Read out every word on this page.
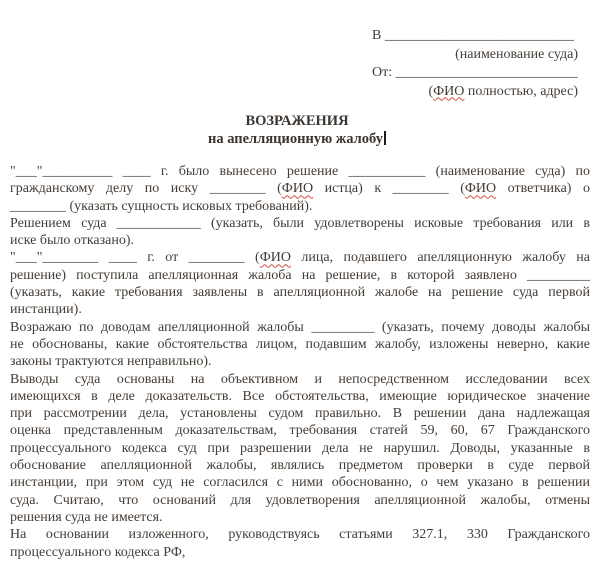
В ___________________________
(наименование суда)
От: __________________________
(ФИО полностью, адрес)
ВОЗРАЖЕНИЯ
на апелляционную жалобу
"___"__________ ____ г. было вынесено решение ___________ (наименование суда) по
гражданскому делу по иску ________ (ФИО истца) к ________ (ФИО ответчика) о
________ (указать сущность исковых требований).
Решением суда ____________ (указать, были удовлетворены исковые требования или в
иске было отказано).
"___"________ ____ г. от ________ (ФИО лица, подавшего апелляционную жалобу на
решение) поступила апелляционная жалоба на решение, в которой заявлено _________
(указать, какие требования заявлены в апелляционной жалобе на решение суда первой
инстанции).
Возражаю по доводам апелляционной жалобы _________ (указать, почему доводы жалобы
не обоснованы, какие обстоятельства лицом, подавшим жалобу, изложены неверно, какие
законы трактуются неправильно).
Выводы суда основаны на объективном и непосредственном исследовании всех
имеющихся в деле доказательств. Все обстоятельства, имеющие юридическое значение
при рассмотрении дела, установлены судом правильно. В решении дана надлежащая
оценка представленным доказательствам, требования статей 59, 60, 67 Гражданского
процессуального кодекса суд при разрешении дела не нарушил. Доводы, указанные в
обоснование апелляционной жалобы, являлись предметом проверки в суде первой
инстанции, при этом суд не согласился с ними обоснованно, о чем указано в решении
суда. Считаю, что оснований для удовлетворения апелляционной жалобы, отмены
решения суда не имеется.
На основании изложенного, руководствуясь статьями 327.1, 330 Гражданского
процессуального кодекса РФ,
